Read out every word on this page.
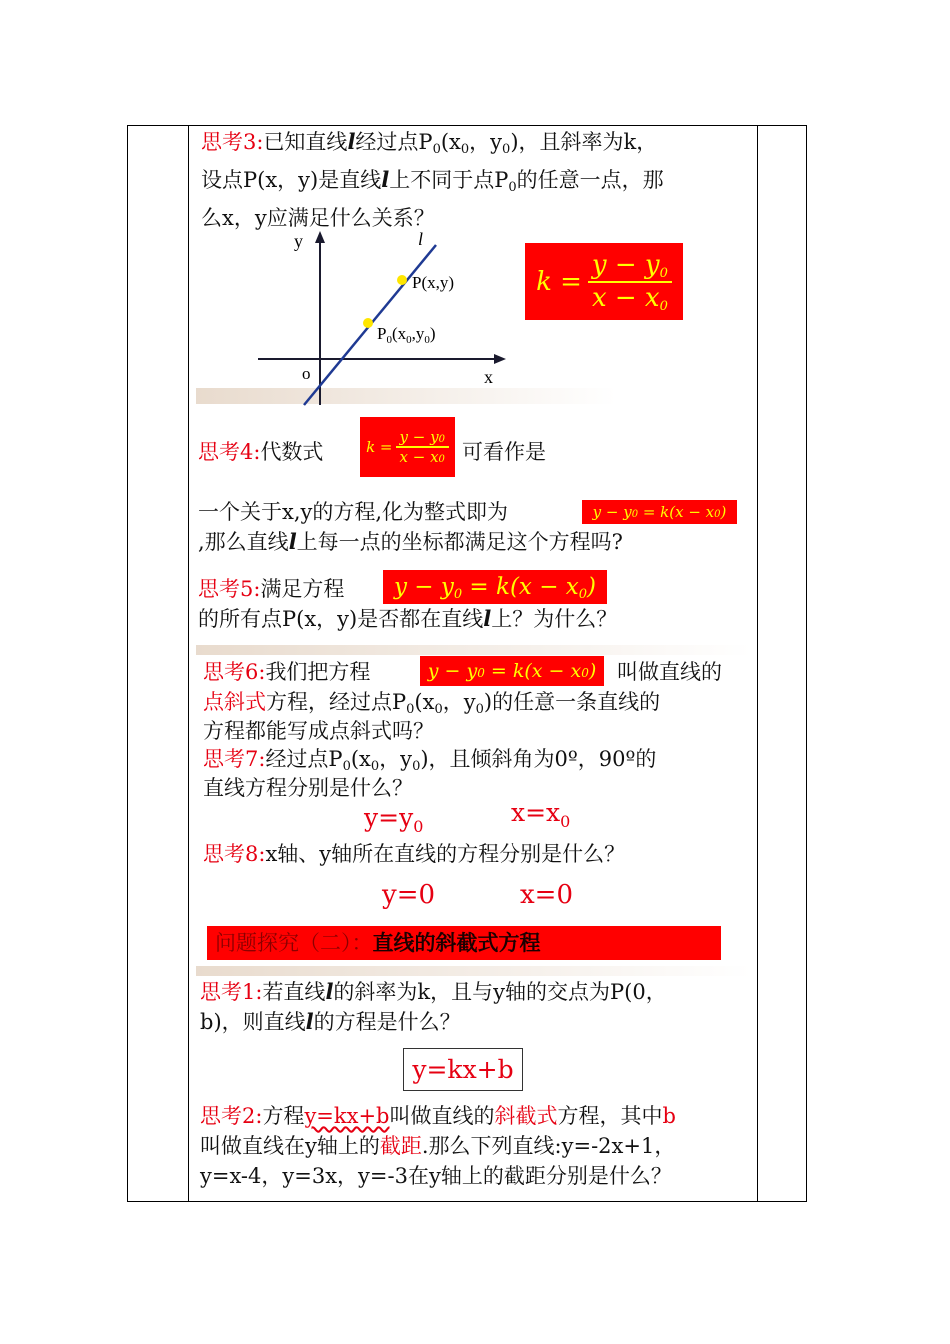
思考3:已知直线l经过点$P_0(x_0$，$y_0$)，且斜率为k，
设点P(x，y)是直线l上不同于点$P_0$的任意一点，那
么x，y应满足什么关系？
y
x
o
l
P(x,y)
$P_0(x_0,y_0)$
$k = \frac{y - y_0}{x - x_0}$
思考4:代数式	$k = \frac{y - y0}{x - x0}$ 可看作是
一个关于x,y的方程,化为整式即为	y − y0 = k(x − x0)
,那么直线l上每一点的坐标都满足这个方程吗?
思考5:满足方程	$y - y_0 = k(x - x_0)$
的所有点P(x，y)是否都在直线l上？为什么？
思考6:我们把方程	y − y0 = k(x − x0) 叫做直线的
点斜式方程，经过点$P_0(x_0$，$y_0$)的任意一条直线的
方程都能写成点斜式吗？
思考7:经过点$P_0(x_0$，$y_0$)，且倾斜角为0º，90º的
直线方程分别是什么？
$y=y_0$	$x=x_0$
思考8:x轴、y轴所在直线的方程分别是什么？
y=0	x=0
问题探究（二）：直线的斜截式方程
思考1:若直线l的斜率为k，且与y轴的交点为P(0，
b)，则直线l的方程是什么？
y=kx+b
思考2:方程y=kx+b叫做直线的斜截式方程，其中b
叫做直线在y轴上的截距.那么下列直线:y=-2x+1，
y=x-4，y=3x，y=-3在y轴上的截距分别是什么？
